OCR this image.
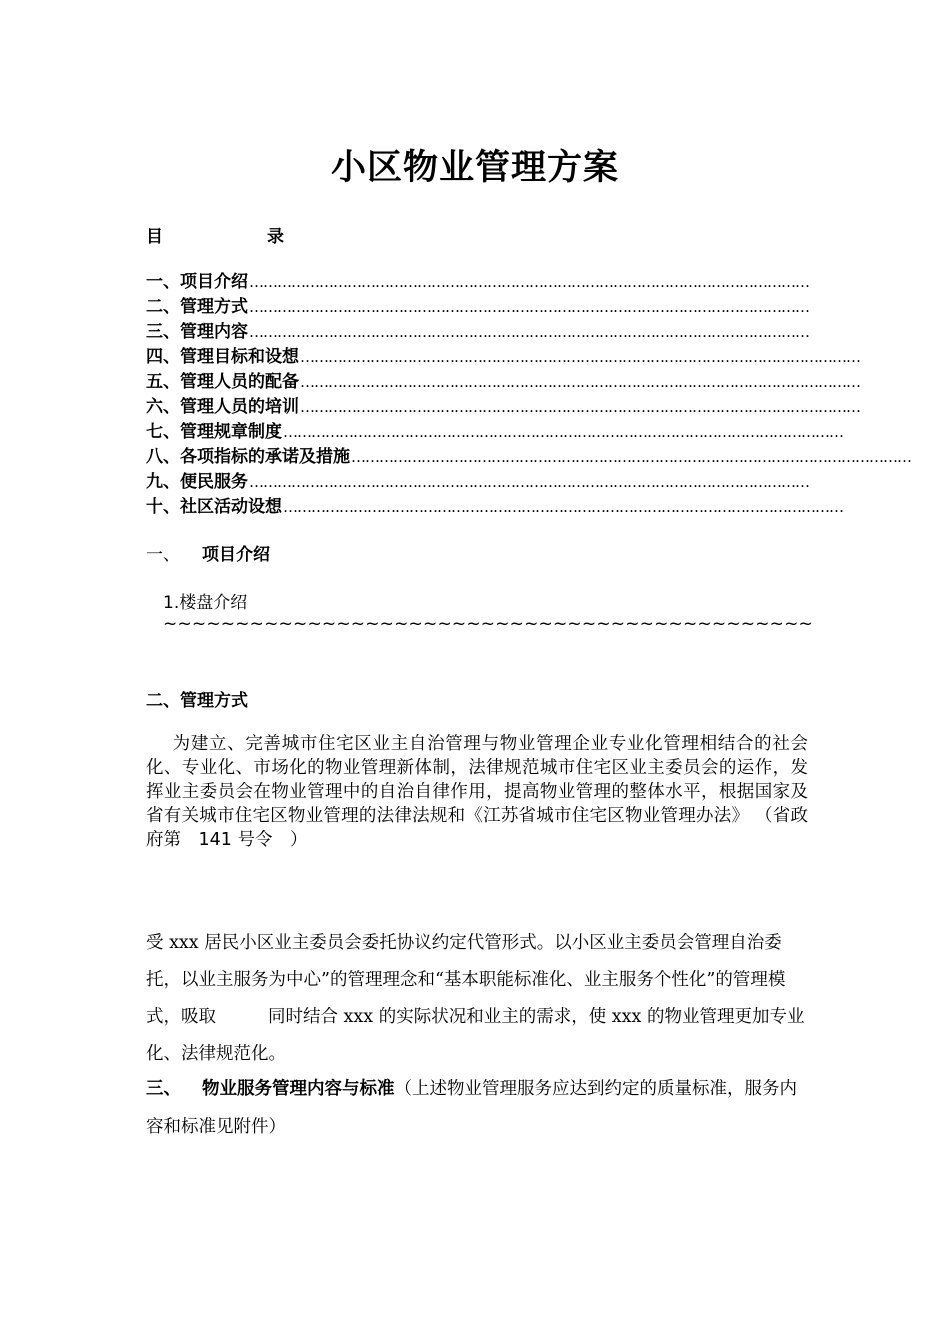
小区物业管理方案
目	录
一、项目介绍 …………………………………………………………………………………………………………
二、管理方式 …………………………………………………………………………………………………………
三、管理内容 …………………………………………………………………………………………………………
四、管理目标和设想 …………………………………………………………………………………………………………
五、管理人员的配备 …………………………………………………………………………………………………………
六、管理人员的培训 …………………………………………………………………………………………………………
七、管理规章制度 …………………………………………………………………………………………………………
八、各项指标的承诺及措施 …………………………………………………………………………………………………………
九、便民服务 …………………………………………………………………………………………………………
十、社区活动设想 …………………………………………………………………………………………………………
一、 项目介绍
1.楼盘介绍
~~~~~~~~~~~~~~~~~~~~~~~~~~~~~~~~~~~~~~~~~~~~~
二、管理方式
为建立、完善城市住宅区业主自治管理与物业管理企业专业化管理相结合的社会化、专业化、市场化的物业管理新体制，法律规范城市住宅区业主委员会的运作，发挥业主委员会在物业管理中的自治自律作用，提高物业管理的整体水平，根据国家及省有关城市住宅区物业管理的法律法规和《江苏省城市住宅区物业管理办法》 （省政府第　141 号令　）
受 xxx 居民小区业主委员会委托协议约定代管形式。以小区业主委员会管理自治委托，以业主服务为中心”的管理理念和“基本职能标准化、业主服务个性化”的管理模式，吸取	同时结合 xxx 的实际状况和业主的需求，使 xxx 的物业管理更加专业化、法律规范化。
三、 物业服务管理内容与标准（上述物业管理服务应达到约定的质量标准，服务内容和标准见附件）
